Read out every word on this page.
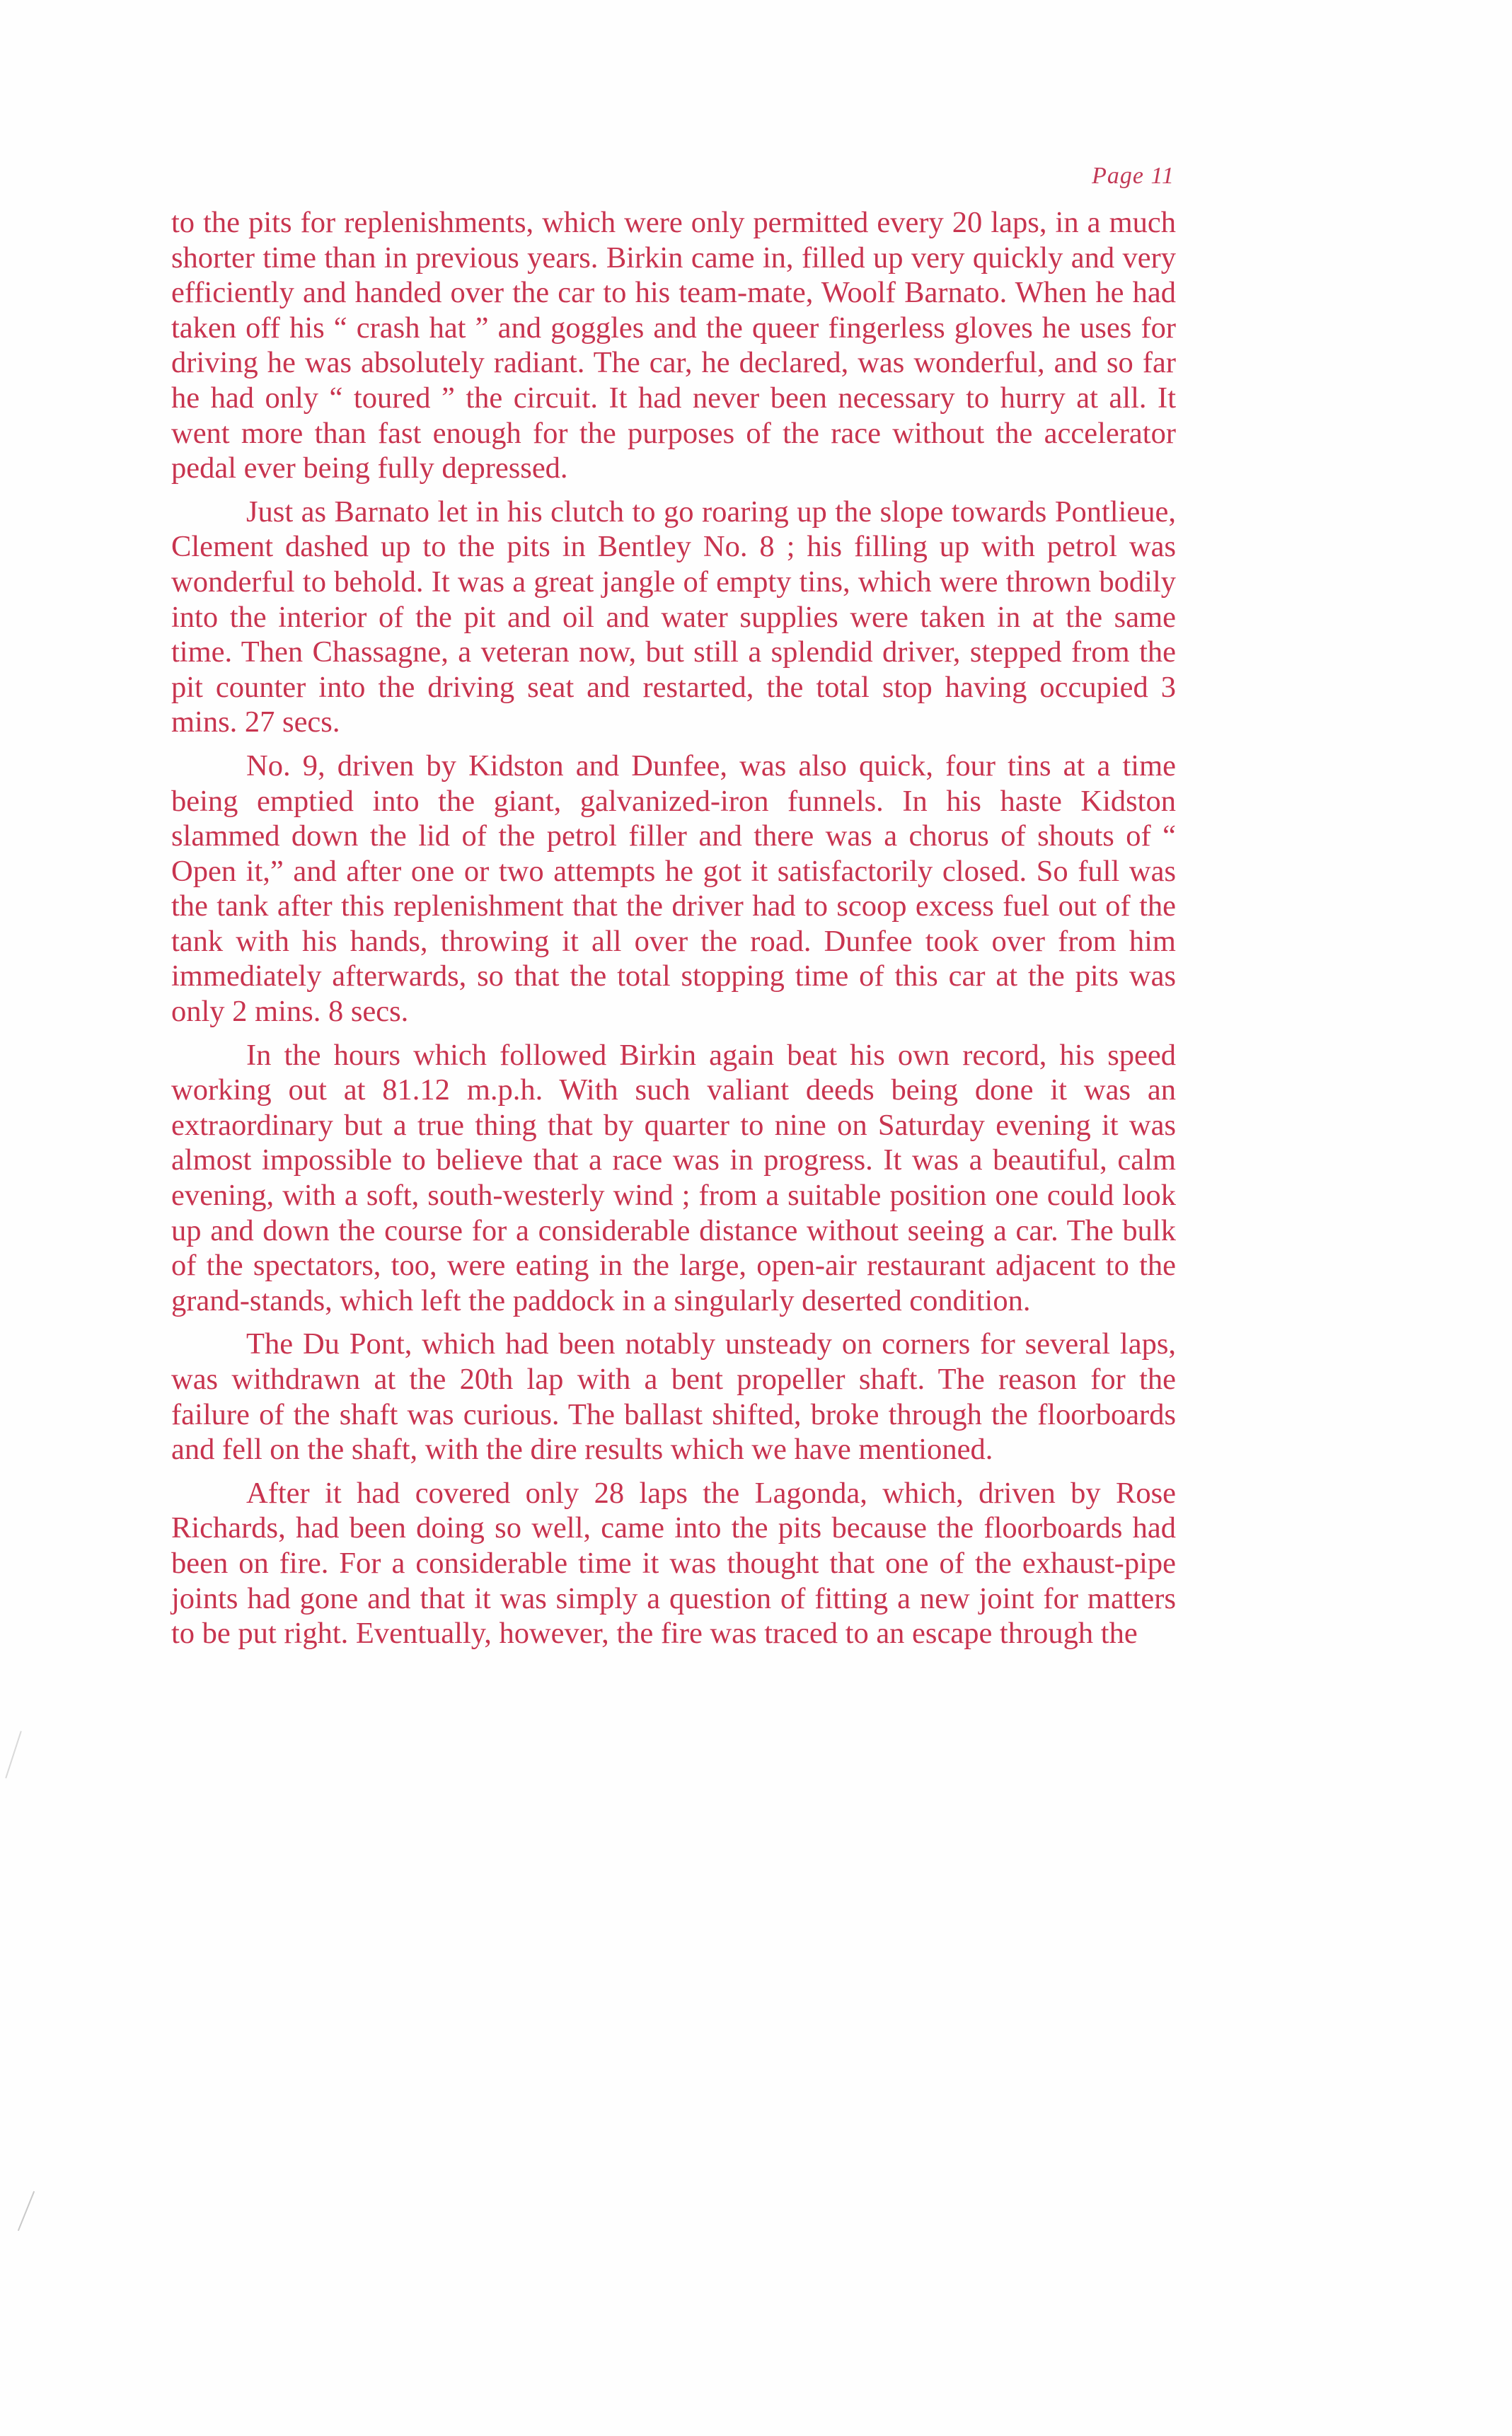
Page 11

to the pits for replenishments, which were only permitted every 20 laps, in a much shorter time than in previous years. Birkin came in, filled up very quickly and very efficiently and handed over the car to his team-mate, Woolf Barnato. When he had taken off his “ crash hat ” and goggles and the queer fingerless gloves he uses for driving he was absolutely radiant. The car, he declared, was wonderful, and so far he had only “ toured ” the circuit. It had never been necessary to hurry at all. It went more than fast enough for the purposes of the race without the accelerator pedal ever being fully depressed.

Just as Barnato let in his clutch to go roaring up the slope towards Pontlieue, Clement dashed up to the pits in Bentley No. 8 ; his filling up with petrol was wonderful to behold. It was a great jangle of empty tins, which were thrown bodily into the interior of the pit and oil and water supplies were taken in at the same time. Then Chassagne, a veteran now, but still a splendid driver, stepped from the pit counter into the driving seat and restarted, the total stop having occupied 3 mins. 27 secs.

No. 9, driven by Kidston and Dunfee, was also quick, four tins at a time being emptied into the giant, galvanized-iron funnels. In his haste Kidston slammed down the lid of the petrol filler and there was a chorus of shouts of “ Open it,” and after one or two attempts he got it satisfactorily closed. So full was the tank after this replenishment that the driver had to scoop excess fuel out of the tank with his hands, throwing it all over the road. Dunfee took over from him immediately afterwards, so that the total stopping time of this car at the pits was only 2 mins. 8 secs.

In the hours which followed Birkin again beat his own record, his speed working out at 81.12 m.p.h. With such valiant deeds being done it was an extraordinary but a true thing that by quarter to nine on Saturday evening it was almost impossible to believe that a race was in progress. It was a beautiful, calm evening, with a soft, south-westerly wind ; from a suitable position one could look up and down the course for a considerable distance without seeing a car. The bulk of the spectators, too, were eating in the large, open-air restaurant adjacent to the grand-stands, which left the paddock in a singularly deserted condition.

The Du Pont, which had been notably unsteady on corners for several laps, was withdrawn at the 20th lap with a bent propeller shaft. The reason for the failure of the shaft was curious. The ballast shifted, broke through the floorboards and fell on the shaft, with the dire results which we have mentioned.

After it had covered only 28 laps the Lagonda, which, driven by Rose Richards, had been doing so well, came into the pits because the floorboards had been on fire. For a considerable time it was thought that one of the exhaust-pipe joints had gone and that it was simply a question of fitting a new joint for matters to be put right. Eventually, however, the fire was traced to an escape through the
